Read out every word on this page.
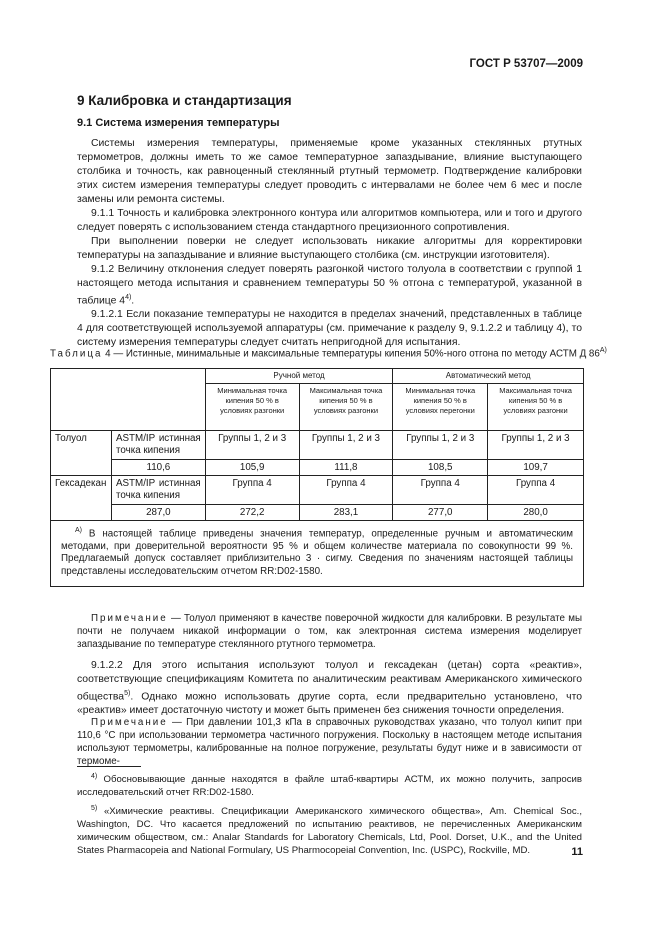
ГОСТ Р 53707—2009
9 Калибровка и стандартизация
9.1 Система измерения температуры

Системы измерения температуры, применяемые кроме указанных стеклянных ртутных термометров, должны иметь то же самое температурное запаздывание, влияние выступающего столбика и точность, как равноценный стеклянный ртутный термометр. Подтверждение калибровки этих систем измерения температуры следует проводить с интервалами не более чем 6 мес и после замены или ремонта системы.

9.1.1 Точность и калибровка электронного контура или алгоритмов компьютера, или и того и другого следует поверять с использованием стенда стандартного прецизионного сопротивления.

При выполнении поверки не следует использовать никакие алгоритмы для корректировки температуры на запаздывание и влияние выступающего столбика (см. инструкции изготовителя).

9.1.2 Величину отклонения следует поверять разгонкой чистого толуола в соответствии с группой 1 настоящего метода испытания и сравнением температуры 50 % отгона с температурой, указанной в таблице 4$^{4)}$.

9.1.2.1 Если показание температуры не находится в пределах значений, представленных в таблице 4 для соответствующей используемой аппаратуры (см. примечание к разделу 9, 9.1.2.2 и таблицу 4), то систему измерения температуры следует считать непригодной для испытания.

Таблица 4 — Истинные, минимальные и максимальные температуры кипения 50%-ного отгона по методу АСТМ Д $86^{А)}$
		Ручной метод		Автоматический метод	
		Минимальная точка кипения 50 % в условиях разгонки	Максимальная точка кипения 50 % в условиях разгонки	Минимальная точка кипения 50 % в условиях перегонки	Максимальная точка кипения 50 % в условиях разгонки
Толуол	ASTM/IP истинная точка кипения	Группы 1, 2 и 3	Группы 1, 2 и 3	Группы 1, 2 и 3	Группы 1, 2 и 3
	110,6	105,9	111,8	108,5	109,7
Гексадекан	ASTM/IP истинная точка кипения	Группа 4	Группа 4	Группа 4	Группа 4
	287,0	272,2	283,1	277,0	280,0
$^{А)}$ В настоящей таблице приведены значения температур, определенные ручным и автоматическим методами, при доверительной вероятности 95 % и общем количестве материала по совокупности 99 %. Предлагаемый допуск составляет приблизительно 3 · сигму. Сведения по значениям настоящей таблицы представлены исследовательским отчетом RR:D02-1580.					

Примечание — Толуол применяют в качестве поверочной жидкости для калибровки. В результате мы почти не получаем никакой информации о том, как электронная система измерения моделирует запаздывание по температуре стеклянного ртутного термометра.

9.1.2.2 Для этого испытания используют толуол и гексадекан (цетан) сорта «реактив», соответствующие спецификациям Комитета по аналитическим реактивам Американского химического общества$^{5)}$. Однако можно использовать другие сорта, если предварительно установлено, что «реактив» имеет достаточную чистоту и может быть применен без снижения точности определения.

Примечание — При давлении 101,3 кПа в справочных руководствах указано, что толуол кипит при 110,6 °С при использовании термометра частичного погружения. Поскольку в настоящем методе испытания используют термометры, калиброванные на полное погружение, результаты будут ниже и в зависимости от термоме-

$^{4)}$ Обосновывающие данные находятся в файле штаб-квартиры АСТМ, их можно получить, запросив исследовательский отчет RR:D02-1580.

$^{5)}$ «Химические реактивы. Спецификации Американского химического общества», Am. Chemical Soc., Washington, DC. Что касается предложений по испытанию реактивов, не перечисленных Американским химическим обществом, см.: Analar Standards for Laboratory Chemicals, Ltd, Pool. Dorset, U.K., and the United States Pharmacopeia and National Formulary, US Pharmocopeial Convention, Inc. (USPC), Rockville, MD.	11
